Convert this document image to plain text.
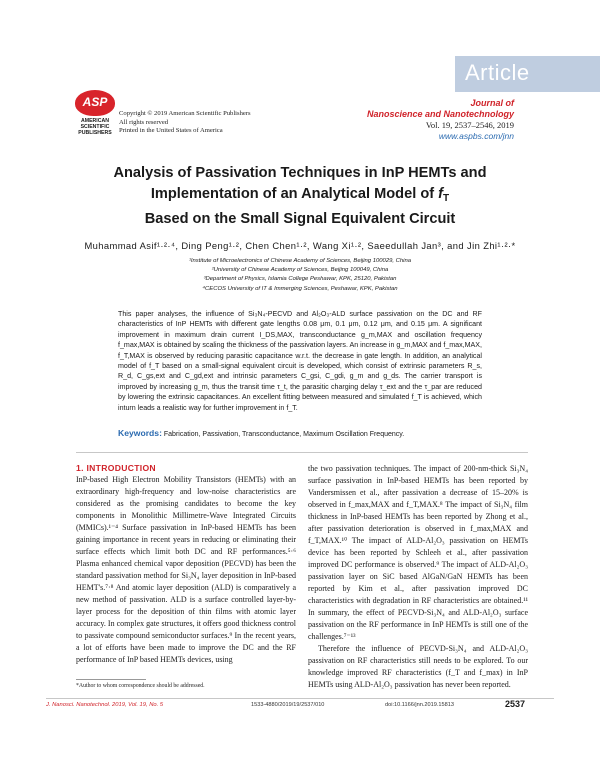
Article
ASP
AMERICAN
SCIENTIFIC
PUBLISHERS
Copyright © 2019 American Scientific Publishers
All rights reserved
Printed in the United States of America
Journal of
Nanoscience and Nanotechnology
Vol. 19, 2537–2546, 2019
www.aspbs.com/jnn
Analysis of Passivation Techniques in InP HEMTs and
Implementation of an Analytical Model of $f_T$
Based on the Small Signal Equivalent Circuit
Muhammad Asif¹·²·⁴, Ding Peng¹·², Chen Chen¹·², Wang Xi¹·², Saeedullah Jan³, and Jin Zhi¹·²·*
¹Institute of Microelectronics of Chinese Academy of Sciences, Beijing 100029, China
²University of Chinese Academy of Sciences, Beijing 100049, China
³Department of Physics, Islamia College Peshawar, KPK, 25120, Pakistan
⁴CECOS University of IT & Immerging Sciences, Peshawar, KPK, Pakistan
This paper analyses, the influence of Si₃N₄-PECVD and Al₂O₃-ALD surface passivation on the DC and RF characteristics of InP HEMTs with different gate lengths 0.08 μm, 0.1 μm, 0.12 μm, and 0.15 μm. A significant improvement in maximum drain current I_DS,MAX, transconductance g_m,MAX and oscillation frequency f_max,MAX is obtained by scaling the thickness of the passivation layers. An increase in g_m,MAX and f_max,MAX, f_T,MAX is observed by reducing parasitic capacitance w.r.t. the decrease in gate length. In addition, an analytical model of f_T based on a small-signal equivalent circuit is developed, which consist of extrinsic parameters R_s, R_d, C_gs,ext and C_gd,ext and intrinsic parameters C_gsi, C_gdi, g_m and g_ds. The carrier transport is improved by increasing g_m, thus the transit time τ_t, the parasitic charging delay τ_ext and the τ_par are reduced by lowering the extrinsic capacitances. An excellent fitting between measured and simulated f_T is achieved, which inturn leads a realistic way for further improvement in f_T.
Keywords: Fabrication, Passivation, Transconductance, Maximum Oscillation Frequency.
1. INTRODUCTION

InP-based High Electron Mobility Transistors (HEMTs) with an extraordinary high-frequency and low-noise characteristics are considered as the promising candidates to become the key components in Monolithic Millimetre-Wave Integrated Circuits (MMICs).¹⁻⁴ Surface passivation in InP-based HEMTs has been gaining importance in recent years in reducing or eliminating their surface effects which limit both DC and RF performances.⁵·⁶ Plasma enhanced chemical vapor deposition (PECVD) has been the standard passivation method for Si₃N₄ layer deposition in InP-based HEMT's.⁷·⁸ And atomic layer deposition (ALD) is comparatively a new method of passivation. ALD is a surface controlled layer-by-layer process for the deposition of thin films with atomic layer accuracy. In complex gate structures, it offers good thickness control to passivate compound semiconductor surfaces.⁹ In the recent years, a lot of efforts have been made to improve the DC and the RF performance of InP based HEMTs devices, using

the two passivation techniques. The impact of 200-nm-thick Si₃N₄ surface passivation in InP-based HEMTs has been reported by Vandersmissen et al., after passivation a decrease of 15–20% is observed in f_max,MAX and f_T,MAX.⁸ The impact of Si₃N₄ film thickness in InP-based HEMTs has been reported by Zhong et al., after passivation deterioration is observed in f_max,MAX and f_T,MAX.¹⁰ The impact of ALD-Al₂O₃ passivation on HEMTs device has been reported by Schleeh et al., after passivation improved DC performance is observed.⁹ The impact of ALD-Al₂O₃ passivation layer on SiC based AlGaN/GaN HEMTs has been reported by Kim et al., after passivation improved DC characteristics with degradation in RF characteristics are obtained.¹¹ In summary, the effect of PECVD-Si₃N₄ and ALD-Al₂O₃ surface passivation on the RF performance in InP HEMTs is still one of the challenges.⁷⁻¹³

Therefore the influence of PECVD-Si₃N₄ and ALD-Al₂O₃ passivation on RF characteristics still needs to be explored. To our knowledge improved RF characteristics (f_T and f_max) in InP HEMTs using ALD-Al₂O₃ passivation has never been reported.

*Author to whom correspondence should be addressed.
J. Nanosci. Nanotechnol. 2019, Vol. 19, No. 5	1533-4880/2019/19/2537/010	doi:10.1166/jnn.2019.15813	2537
